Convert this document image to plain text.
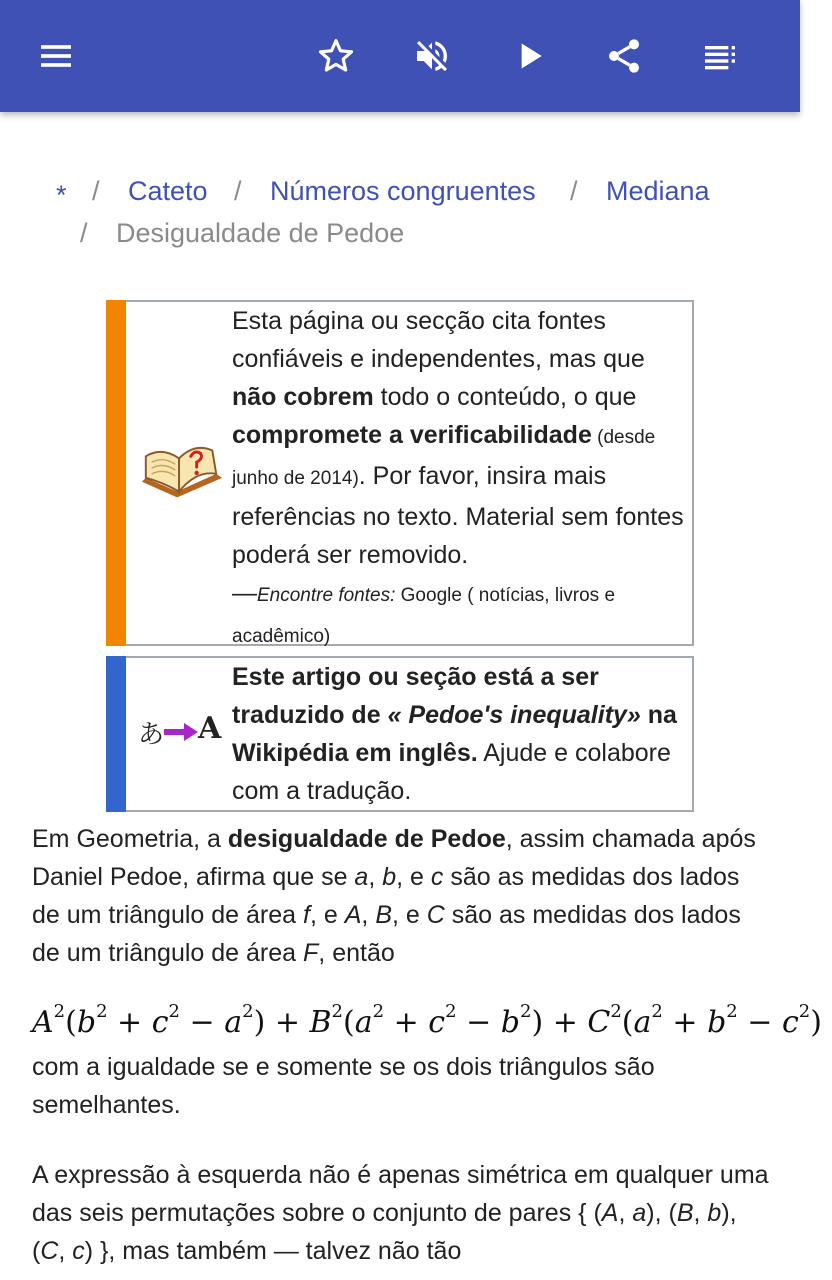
* / Cateto / Números congruentes / Mediana
/ Desigualdade de Pedoe
Esta página ou secção cita fontes confiáveis e independentes, mas que não cobrem todo o conteúdo, o que compromete a verificabilidade (desde junho de 2014). Por favor, insira mais referências no texto. Material sem fontes poderá ser removido.
—Encontre fontes: Google ( notícias, livros e acadêmico)
あ A
Este artigo ou seção está a ser traduzido de « Pedoe's inequality» na Wikipédia em inglês. Ajude e colabore com a tradução.
Em Geometria, a desigualdade de Pedoe, assim chamada após Daniel Pedoe, afirma que se a, b, e c são as medidas dos lados de um triângulo de área f, e A, B, e C são as medidas dos lados de um triângulo de área F, então
$A^2(b^2 + c^2 - a^2) + B^2(a^2 + c^2 - b^2) + C^2(a^2 + b^2 - c^2)$
com a igualdade se e somente se os dois triângulos são semelhantes.
A expressão à esquerda não é apenas simétrica em qualquer uma das seis permutações sobre o conjunto de pares { (A, a), (B, b), (C, c) }, mas também — talvez não tão
